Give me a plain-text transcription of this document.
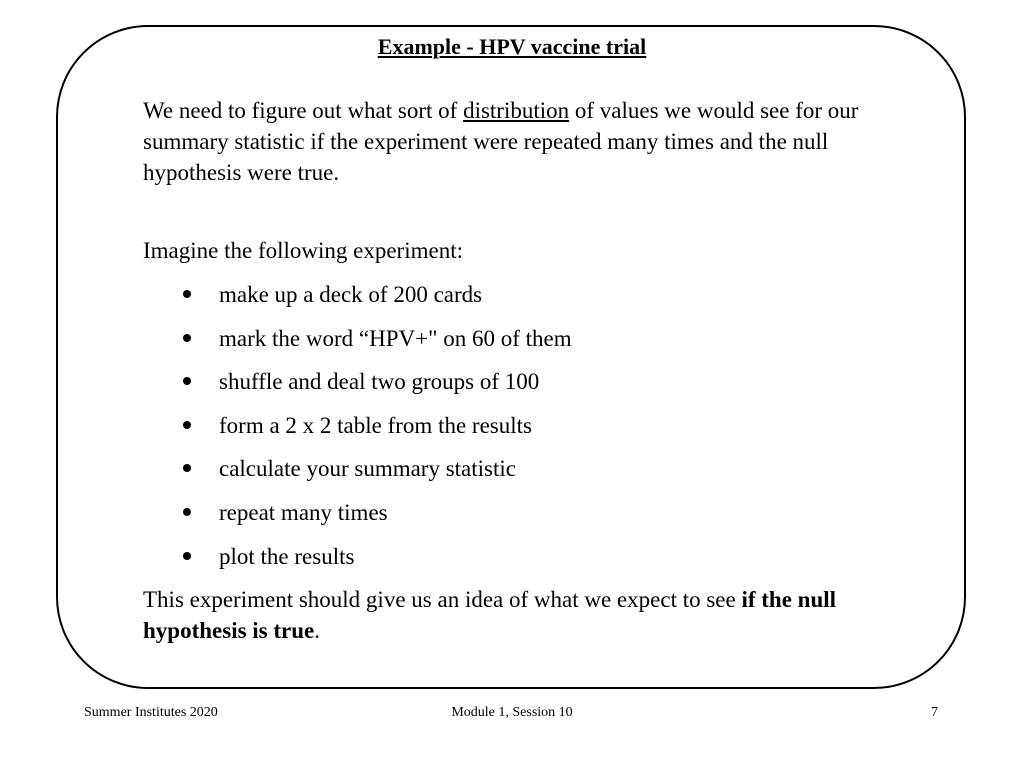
Example - HPV vaccine trial

We need to figure out what sort of distribution of values we would see for our summary statistic if the experiment were repeated many times and the null hypothesis were true.

Imagine the following experiment:

make up a deck of 200 cards
mark the word “HPV+" on 60 of them
shuffle and deal two groups of 100
form a 2 x 2 table from the results
calculate your summary statistic
repeat many times
plot the results

This experiment should give us an idea of what we expect to see if the null hypothesis is true.

Summer Institutes 2020	Module 1, Session 10	7
